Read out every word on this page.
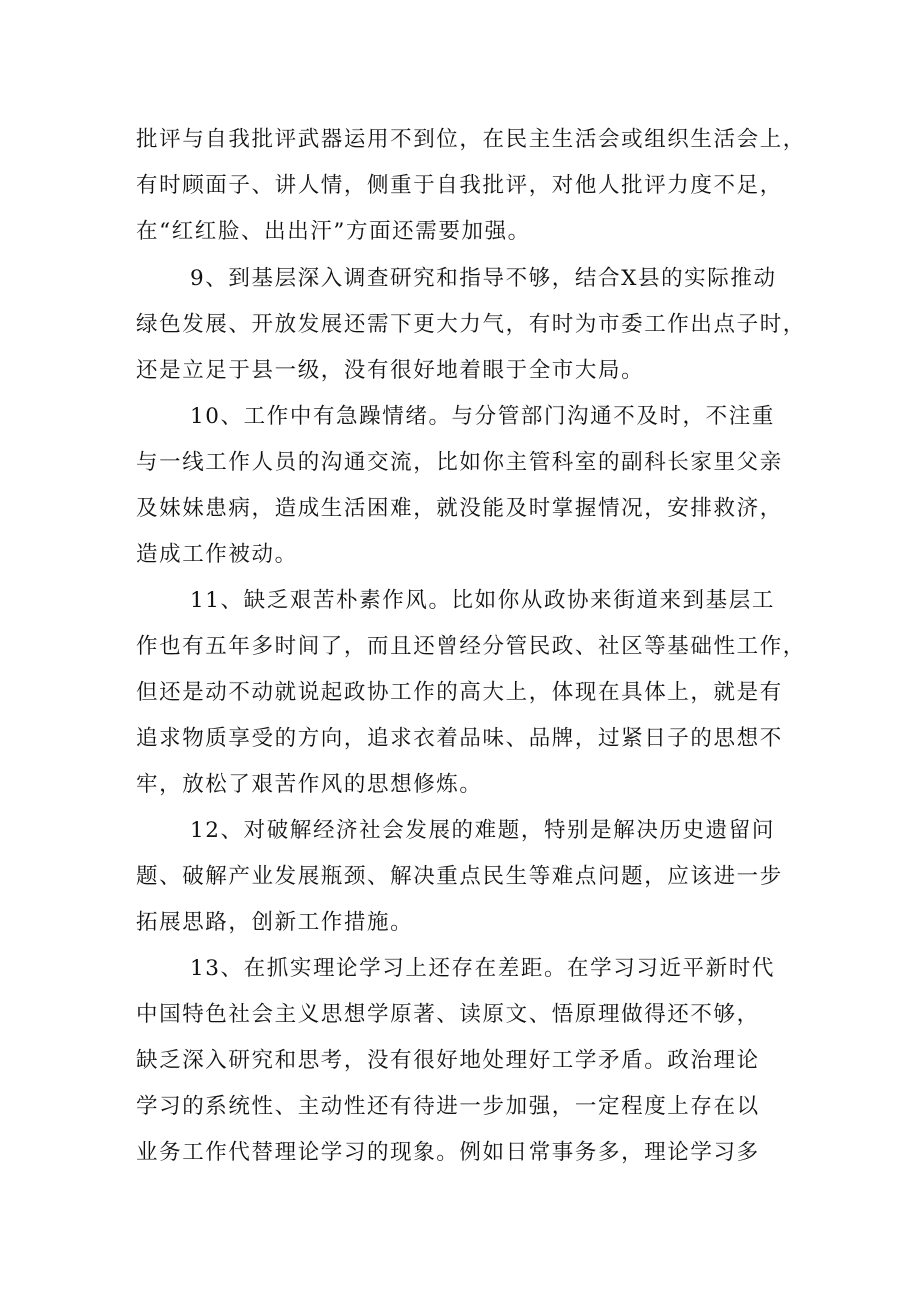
批评与自我批评武器运用不到位，在民主生活会或组织生活会上，
有时顾面子、讲人情，侧重于自我批评，对他人批评力度不足，
在“红红脸、出出汗”方面还需要加强。
9、到基层深入调查研究和指导不够，结合X县的实际推动
绿色发展、开放发展还需下更大力气，有时为市委工作出点子时，
还是立足于县一级，没有很好地着眼于全市大局。
10、工作中有急躁情绪。与分管部门沟通不及时，不注重
与一线工作人员的沟通交流，比如你主管科室的副科长家里父亲
及妹妹患病，造成生活困难，就没能及时掌握情况，安排救济，
造成工作被动。
11、缺乏艰苦朴素作风。比如你从政协来街道来到基层工
作也有五年多时间了，而且还曾经分管民政、社区等基础性工作，
但还是动不动就说起政协工作的高大上，体现在具体上，就是有
追求物质享受的方向，追求衣着品味、品牌，过紧日子的思想不
牢，放松了艰苦作风的思想修炼。
12、对破解经济社会发展的难题，特别是解决历史遗留问
题、破解产业发展瓶颈、解决重点民生等难点问题，应该进一步
拓展思路，创新工作措施。
13、在抓实理论学习上还存在差距。在学习习近平新时代
中国特色社会主义思想学原著、读原文、悟原理做得还不够，
缺乏深入研究和思考，没有很好地处理好工学矛盾。政治理论
学习的系统性、主动性还有待进一步加强，一定程度上存在以
业务工作代替理论学习的现象。例如日常事务多，理论学习多
